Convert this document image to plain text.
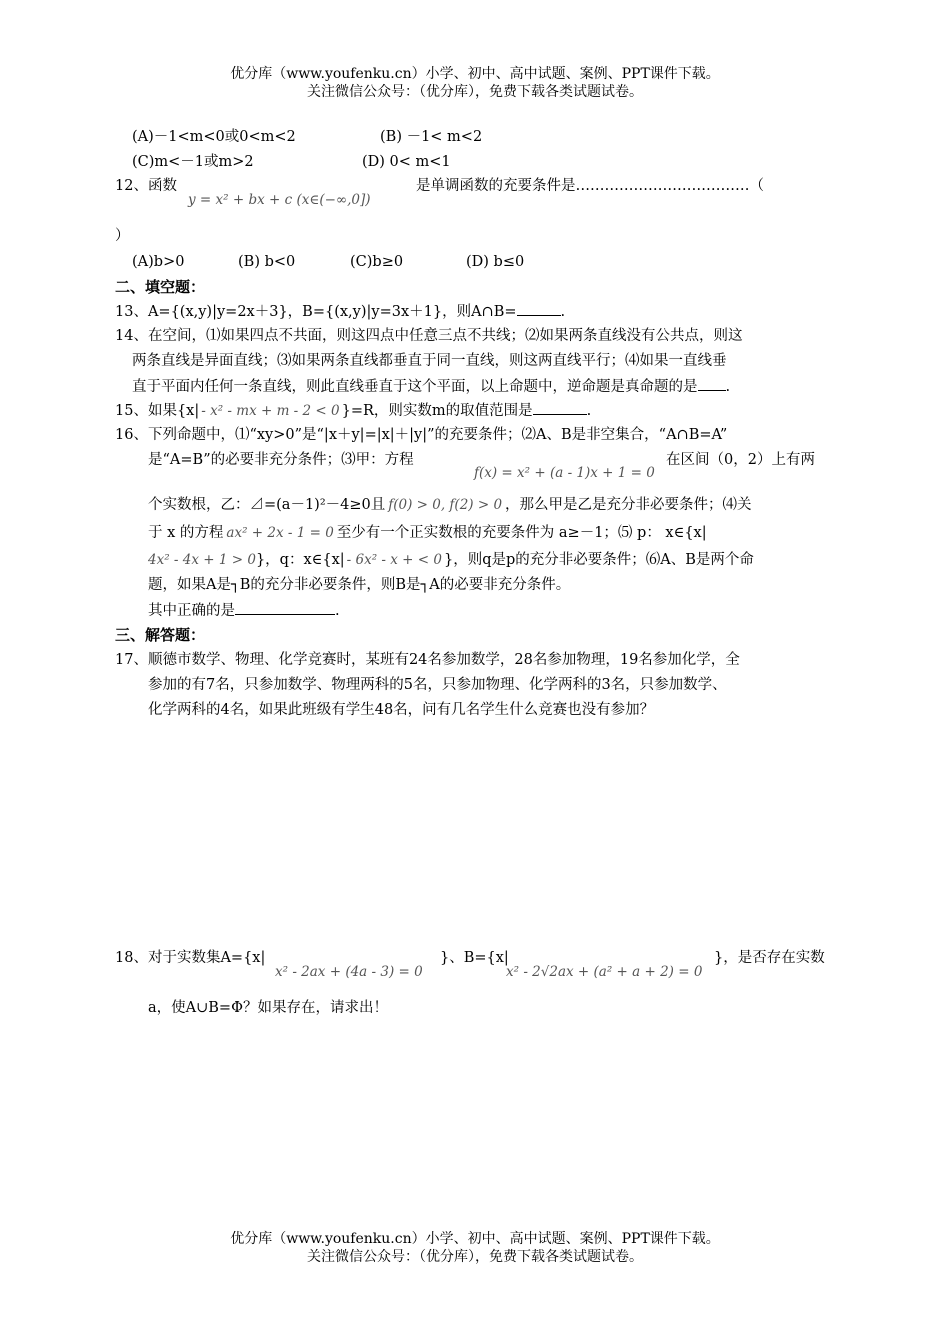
优分库（www.youfenku.cn）小学、初中、高中试题、案例、PPT课件下载。
关注微信公众号：（优分库），免费下载各类试题试卷。
(A)－1<m<0或0<m<2	(B) －1< m<2
(C)m<－1或m>2	(D) 0< m<1
12、函数
y = x² + bx + c (x∈(−∞,0])
是单调函数的充要条件是………………………………（
）
(A)b>0	(B) b<0	(C)b≥0	(D) b≤0
二、填空题：
13、A={(x,y)|y=2x＋3}，B={(x,y)|y=3x＋1}，则A∩B=	.
14、在空间，⑴如果四点不共面，则这四点中任意三点不共线；⑵如果两条直线没有公共点，则这
两条直线是异面直线；⑶如果两条直线都垂直于同一直线，则这两直线平行；⑷如果一直线垂
直于平面内任何一条直线，则此直线垂直于这个平面，以上命题中，逆命题是真命题的是 .
15、如果{x| - x² - mx + m - 2 < 0 }=R，则实数m的取值范围是	.
16、下列命题中，⑴“xy>0”是“|x＋y|=|x|＋|y|”的充要条件；⑵A、B是非空集合，“A∩B=A”
是“A=B”的必要非充分条件；⑶甲：方程
f(x) = x² + (a - 1)x + 1 = 0
在区间（0，2）上有两
个实数根，乙：⊿=(a－1)²－4≥0且 f(0) > 0, f(2) > 0 ，那么甲是乙是充分非必要条件；⑷关
于 x 的方程 ax² + 2x - 1 = 0 至少有一个正实数根的充要条件为 a≥－1；⑸ p： x∈{x|
4x² - 4x + 1 > 0}，q：x∈{x| - 6x² - x + < 0 }，则q是p的充分非必要条件；⑹A、B是两个命
题，如果A是┐B的充分非必要条件，则B是┐A的必要非充分条件。
其中正确的是	.
三、解答题：
17、顺德市数学、物理、化学竞赛时，某班有24名参加数学，28名参加物理，19名参加化学，全
参加的有7名，只参加数学、物理两科的5名，只参加物理、化学两科的3名，只参加数学、
化学两科的4名，如果此班级有学生48名，问有几名学生什么竞赛也没有参加？
18、对于实数集A={x|
x² - 2ax + (4a - 3) = 0
}、B={x|
x² - 2√2ax + (a² + a + 2) = 0
}，是否存在实数
a，使A∪B=Φ？如果存在，请求出！
优分库（www.youfenku.cn）小学、初中、高中试题、案例、PPT课件下载。
关注微信公众号：（优分库），免费下载各类试题试卷。
